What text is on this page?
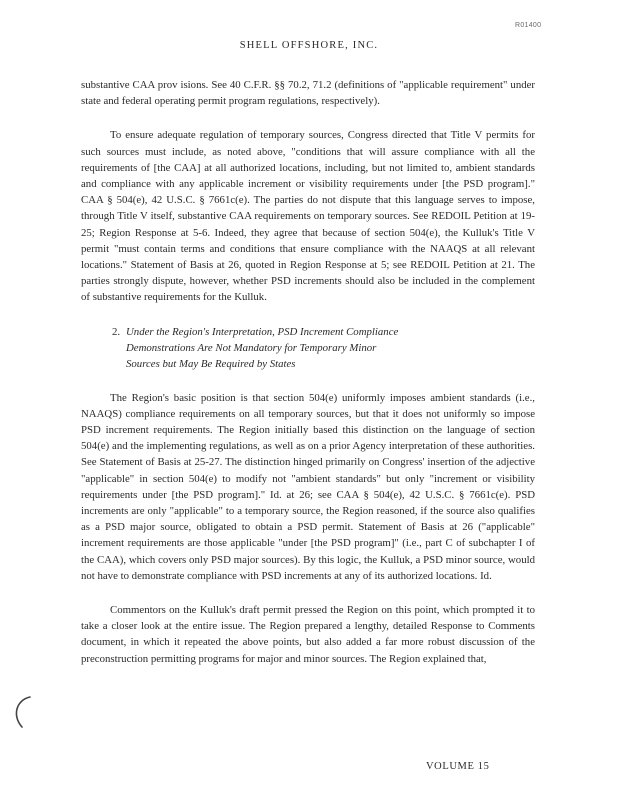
R01400
SHELL OFFSHORE, INC.

substantive CAA prov isions. See 40 C.F.R. §§ 70.2, 71.2 (definitions of "applicable requirement" under state and federal operating permit program regulations, respectively).

To ensure adequate regulation of temporary sources, Congress directed that Title V permits for such sources must include, as noted above, "conditions that will assure compliance with all the requirements of [the CAA] at all authorized locations, including, but not limited to, ambient standards and compliance with any applicable increment or visibility requirements under [the PSD program]." CAA § 504(e), 42 U.S.C. § 7661c(e). The parties do not dispute that this language serves to impose, through Title V itself, substantive CAA requirements on temporary sources. See REDOIL Petition at 19-25; Region Response at 5-6. Indeed, they agree that because of section 504(e), the Kulluk's Title V permit "must contain terms and conditions that ensure compliance with the NAAQS at all relevant locations." Statement of Basis at 26, quoted in Region Response at 5; see REDOIL Petition at 21. The parties strongly dispute, however, whether PSD increments should also be included in the complement of substantive requirements for the Kulluk.

2. Under the Region's Interpretation, PSD Increment Compliance
Demonstrations Are Not Mandatory for Temporary Minor
Sources but May Be Required by States

The Region's basic position is that section 504(e) uniformly imposes ambient standards (i.e., NAAQS) compliance requirements on all temporary sources, but that it does not uniformly so impose PSD increment requirements. The Region initially based this distinction on the language of section 504(e) and the implementing regulations, as well as on a prior Agency interpretation of these authorities. See Statement of Basis at 25-27. The distinction hinged primarily on Congress' insertion of the adjective "applicable" in section 504(e) to modify not "ambient standards" but only "increment or visibility requirements under [the PSD program]." Id. at 26; see CAA § 504(e), 42 U.S.C. § 7661c(e). PSD increments are only "applicable" to a temporary source, the Region reasoned, if the source also qualifies as a PSD major source, obligated to obtain a PSD permit. Statement of Basis at 26 ("applicable" increment requirements are those applicable "under [the PSD program]" (i.e., part C of subchapter I of the CAA), which covers only PSD major sources). By this logic, the Kulluk, a PSD minor source, would not have to demonstrate compliance with PSD increments at any of its authorized locations. Id.

Commentors on the Kulluk's draft permit pressed the Region on this point, which prompted it to take a closer look at the entire issue. The Region prepared a lengthy, detailed Response to Comments document, in which it repeated the above points, but also added a far more robust discussion of the preconstruction permitting programs for major and minor sources. The Region explained that,

VOLUME 15
